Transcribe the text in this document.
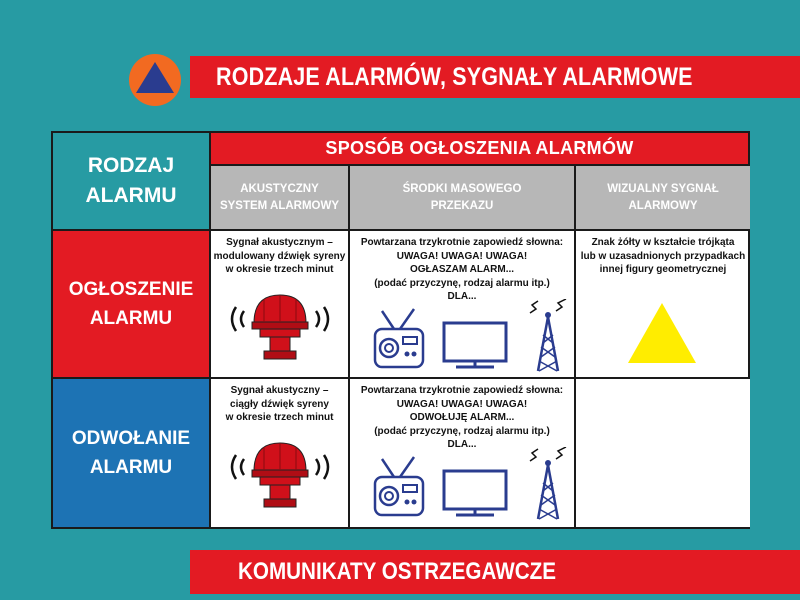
RODZAJE ALARMÓW, SYGNAŁY ALARMOWE
RODZAJ
ALARMU
SPOSÓB OGŁOSZENIA ALARMÓW
AKUSTYCZNY
SYSTEM ALARMOWY
ŚRODKI MASOWEGO
PRZEKAZU
WIZUALNY SYGNAŁ
ALARMOWY
OGŁOSZENIE
ALARMU
Sygnał akustycznym –
modulowany dźwięk syreny
w okresie trzech minut
Powtarzana trzykrotnie zapowiedź słowna:
UWAGA! UWAGA! UWAGA!
OGŁASZAM ALARM...
(podać przyczynę, rodzaj alarmu itp.)
DLA...
Znak żółty w kształcie trójkąta
lub w uzasadnionych przypadkach
innej figury geometrycznej
ODWOŁANIE
ALARMU
Sygnał akustyczny –
ciągły dźwięk syreny
w okresie trzech minut
Powtarzana trzykrotnie zapowiedź słowna:
UWAGA! UWAGA! UWAGA!
ODWOŁUJĘ ALARM...
(podać przyczynę, rodzaj alarmu itp.)
DLA...
KOMUNIKATY OSTRZEGAWCZE
